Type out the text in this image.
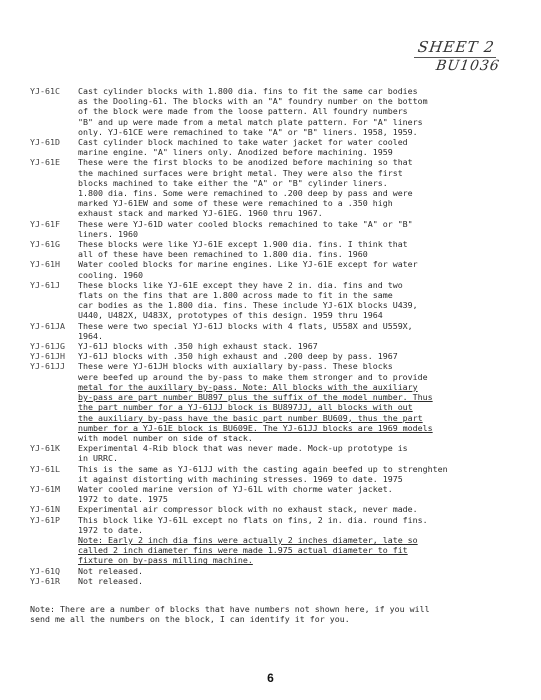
SHEET 2
BU1036
YJ-61C	Cast cylinder blocks with 1.800 dia. fins to fit the same car bodies
as the Dooling-61. The blocks with an "A" foundry number on the bottom
of the block were made from the loose pattern. All foundry numbers
"B" and up were made from a metal match plate pattern. For "A" liners
only. YJ-61CE were remachined to take "A" or "B" liners. 1958, 1959.
YJ-61D	Cast cylinder block machined to take water jacket for water cooled
marine engine. "A" liners only. Anodized before machining. 1959
YJ-61E	These were the first blocks to be anodized before machining so that
the machined surfaces were bright metal. They were also the first
blocks machined to take either the "A" or "B" cylinder liners.
1.800 dia. fins. Some were remachined to .200 deep by pass and were
marked YJ-61EW and some of these were remachined to a .350 high
exhaust stack and marked YJ-61EG. 1960 thru 1967.
YJ-61F	These were YJ-61D water cooled blocks remachined to take "A" or "B"
liners. 1960
YJ-61G	These blocks were like YJ-61E except 1.900 dia. fins. I think that
all of these have been remachined to 1.800 dia. fins. 1960
YJ-61H	Water cooled blocks for marine engines. Like YJ-61E except for water
cooling. 1960
YJ-61J	These blocks like YJ-61E except they have 2 in. dia. fins and two
flats on the fins that are 1.800 across made to fit in the same
car bodies as the 1.800 dia. fins. These include YJ-61X blocks U439,
U440, U482X, U483X, prototypes of this design. 1959 thru 1964
YJ-61JA	These were two special YJ-61J blocks with 4 flats, U558X and U559X,
1964.
YJ-61JG	YJ-61J blocks with .350 high exhaust stack. 1967
YJ-61JH	YJ-61J blocks with .350 high exhaust and .200 deep by pass. 1967
YJ-61JJ	These were YJ-61JH blocks with auxiallary by-pass. These blocks
were beefed up around the by-pass to make them stronger and to provide
metal for the auxillary by-pass. Note: All blocks with the auxiliary
by-pass are part number BU897 plus the suffix of the model number. Thus
the part number for a YJ-61JJ block is BU897JJ, all blocks with out
the auxiliary by-pass have the basic part number BU609, thus the part
number for a YJ-61E block is BU609E. The YJ-61JJ blocks are 1969 models
with model number on side of stack.
YJ-61K	Experimental 4-Rib block that was never made. Mock-up prototype is
in URRC.
YJ-61L	This is the same as YJ-61JJ with the casting again beefed up to strenghten
it against distorting with machining stresses. 1969 to date. 1975
YJ-61M	Water cooled marine version of YJ-61L with chorme water jacket.
1972 to date. 1975
YJ-61N	Experimental air compressor block with no exhaust stack, never made.
YJ-61P	This block like YJ-61L except no flats on fins, 2 in. dia. round fins.
1972 to date.
Note: Early 2 inch dia fins were actually 2 inches diameter, late so
called 2 inch diameter fins were made 1.975 actual diameter to fit
fixture on by-pass milling machine.
YJ-61Q	Not released.
YJ-61R	Not released.
Note: There are a number of blocks that have numbers not shown here, if you will
send me all the numbers on the block, I can identify it for you.
6
